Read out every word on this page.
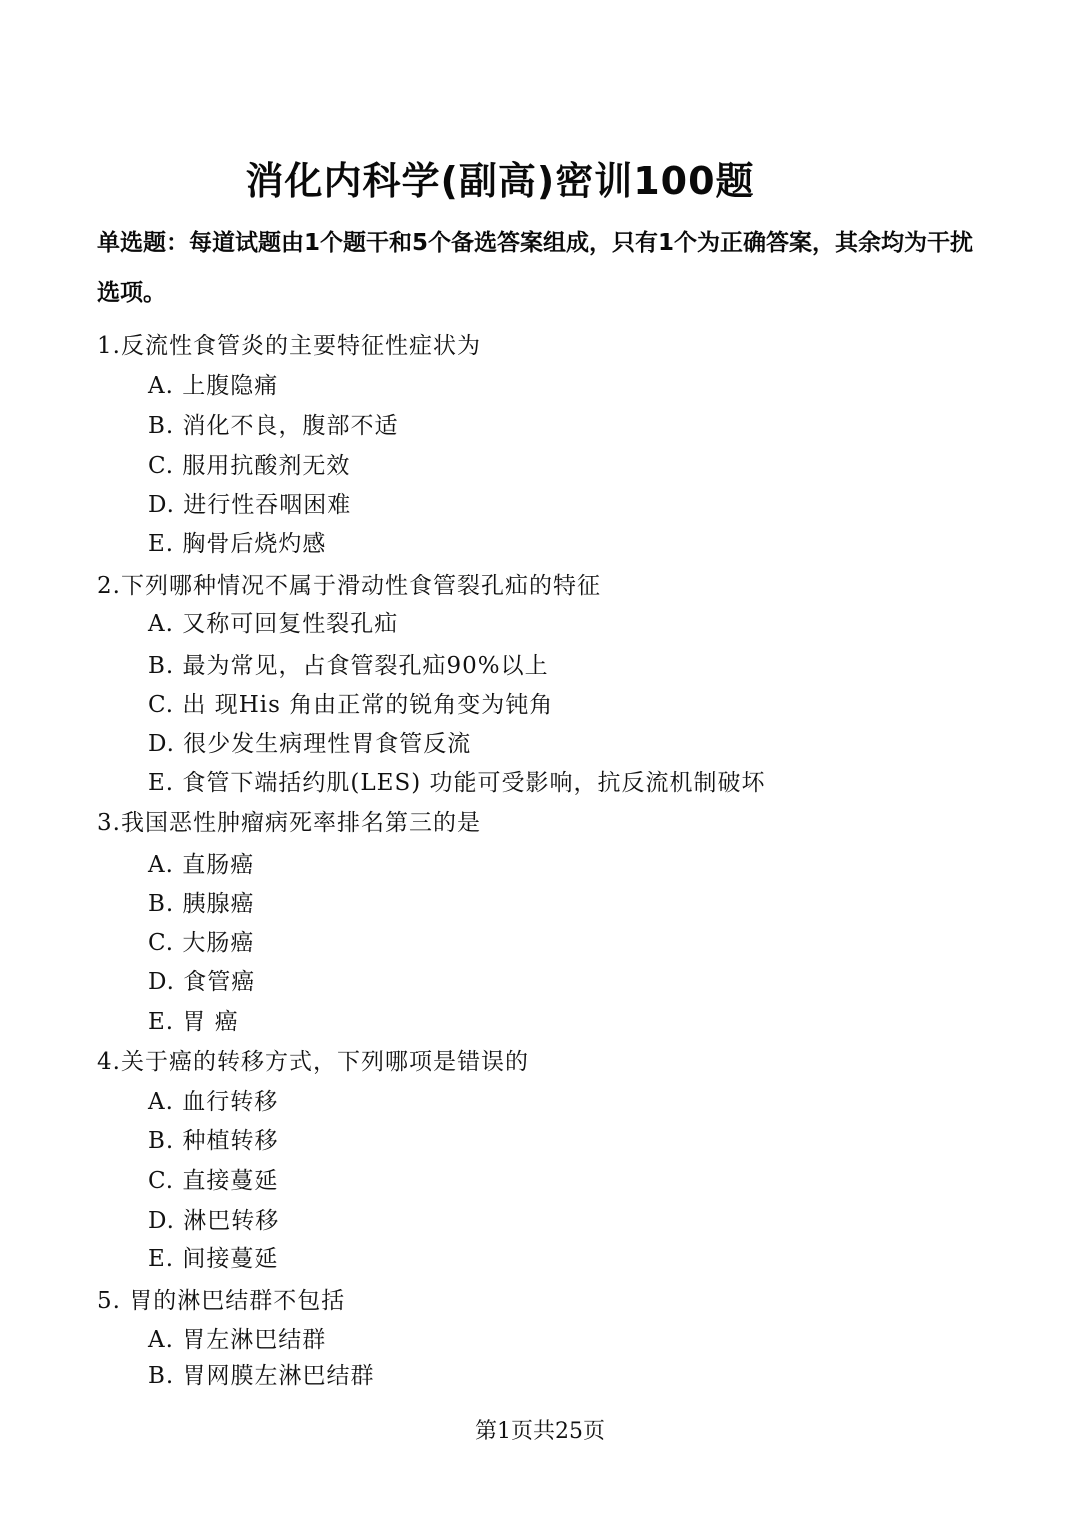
消化内科学(副高)密训100题
单选题：每道试题由1个题干和5个备选答案组成，只有1个为正确答案，其余均为干扰选项。
1.反流性食管炎的主要特征性症状为
A. 上腹隐痛
B. 消化不良，腹部不适
C. 服用抗酸剂无效
D. 进行性吞咽困难
E. 胸骨后烧灼感
2.下列哪种情况不属于滑动性食管裂孔疝的特征
A. 又称可回复性裂孔疝
B. 最为常见，占食管裂孔疝90%以上
C. 出 现His 角由正常的锐角变为钝角
D. 很少发生病理性胃食管反流
E. 食管下端括约肌(LES) 功能可受影响，抗反流机制破坏
3.我国恶性肿瘤病死率排名第三的是
A. 直肠癌
B. 胰腺癌
C. 大肠癌
D. 食管癌
E. 胃 癌
4.关于癌的转移方式，下列哪项是错误的
A. 血行转移
B. 种植转移
C. 直接蔓延
D. 淋巴转移
E. 间接蔓延
5. 胃的淋巴结群不包括
A. 胃左淋巴结群
B. 胃网膜左淋巴结群
第1页共25页
